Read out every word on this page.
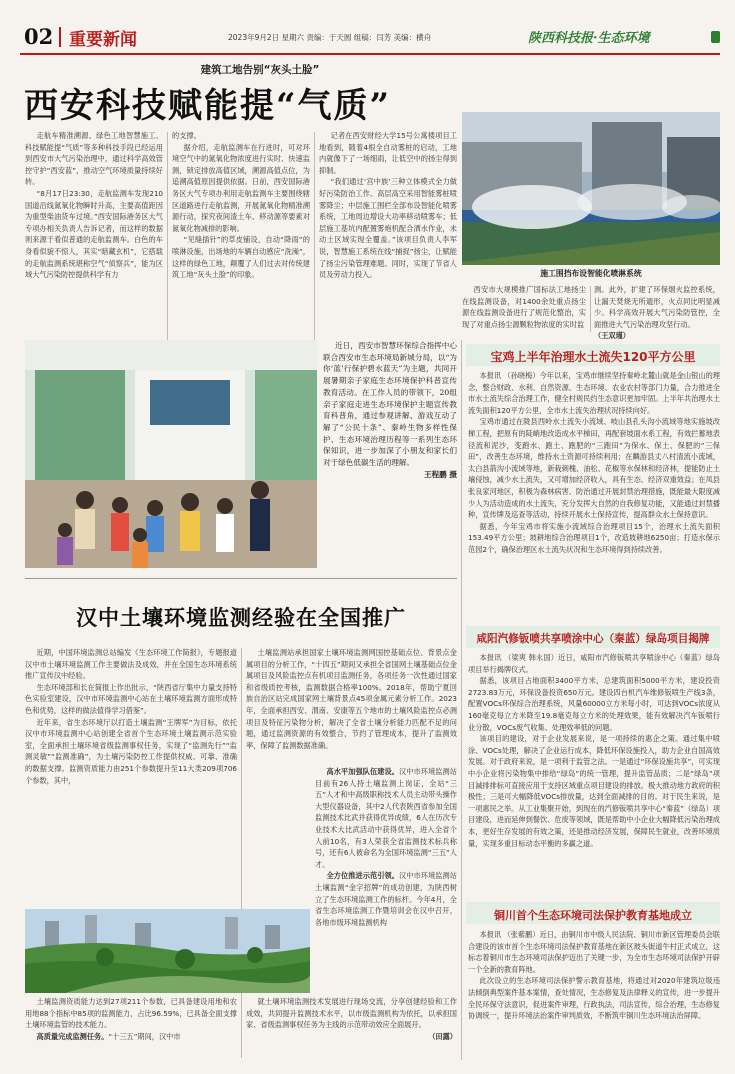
02 重要新闻	2023年9月2日 星期六 责编：于天圆 组稿：闫芳 美编：横舟	陕西科技报·生态环境
建筑工地告别“灰头土脸”
西安科技赋能提“气质”

走航车精准溯源、绿色工地智慧施工、科技赋能提“气质”等多种科技手段已经运用到西安市大气污染治理中，通过科学高效管控守护“西安蓝”，推动空气环境质量持续好转。

“8月17日23:30，走航监测车发现210国道沿线氮氧化物瞬时升高，主要高值距因为重型柴油货车过境。”西安国际港务区大气专项办相关负责人告诉记者，而这样的数据则来源于看似普通的走航监测车。白色的车身看似貌不惊人，其实“暗藏玄机”，它搭载的走航监测系统堪称空气“侦察兵”，能为区域大气污染防控提供科学有力

的支撑。

据介绍，走航监测车在行进时，可对环境空气中的氮氧化物浓度进行实时、快速监测，锁定排放高值区域，溯源高值点位，为追溯高值原因提供依据。日前，西安国际港务区大气专项办利用走航监测车主要围绕辖区道路进行走航监测，开展氮氧化物精准溯源行动，探究夜间渣土车、移动源等要素对氮氧化物减排的影响。

“见缝插针”的草皮铺设，自动“降雨”的喷淋设施，出场地的车辆自动感应“洗澡”，这样的绿色工地，颠覆了人们过去对传统建筑工地“灰头土脸”的印象。

记者在西安财经大学15号公寓楼项目工地看到，随着4根全自动雾桩的启动，工地内就像下了一场细雨，让低空中的扬尘得到抑制。

“我们通过‘宫中族’三种立体模式全力做好污染防治工作。高层高空采用智能雾桩喷雾降尘；中层施工围栏全部布设智能化喷雾系统，工地周边增设大功率移动喷雾车；低层施工基坑内配置雾炮机配合洒水作业，未动土区域实现全覆盖。”该项目负责人李军说，智慧施工系统在线“捕捉”扬尘，让赋能了扬尘污染管理难题。同时，实现了节省人员及劳动力投入。	施工围挡布设智能化喷淋系统

西安市大规模推广国标法工地扬尘在线监测设备，对1400余处重点扬尘源在线监测设备进行了规范化整治，实现了对重点扬尘源颗粒物浓度的实时监

测。此外，扩建了环保烟火监控系统，让漏天焚烧无所遁形，火点同比明显减少。科学高效开展大气污染防管控，全面推进大气污染治理攻坚行动。

（王双瑾）

近日，西安市智慧环保综合指挥中心联合西安市生态环境局新城分局，以“为你‘蓝’行保护碧水蓝天”为主题，共同开展暑期亲子家庭生态环境保护科普宣传教育活动。在工作人员的带领下，20组亲子家庭走进生态环境保护主题宣传教育科普角，通过参观讲解、游戏互动了解了“公民十条”、秦岭生物多样性保护、生态环境治理历程等一系列生态环保知识，进一步加深了小朋友和家长们对于绿色低碳生活的理解。

王程鹏 摄
宝鸡上半年治理水土流失120平方公里

本报讯 （孙晓梅）今年以来，宝鸡市继续坚持秦岭北麓山就是金山银山的理念，整合财政、水利、自然资源、生态环境、农业农村等部门力量，合力推进全市水土流失综合治理工作，健全村规民约生态意识更加牢固。上半年共治理水土流失面积120平方公里，全市水土流失治理状况持续向好。

宝鸡市通过在陇县西岭水土流失小流域、岐山县孔头沟小流域等地实施坡改梯工程，把原有的陡峭地改造成水平梯田，再配套坡面水系工程，有效拦蓄地表径流和泥沙，变跑水、跑土、跑肥的“三跑田”为保水、保土、保肥的“三保田”，改善生态环境，维持水土资源可持续利用；在麟游县丈八村清流小流域，太白县箭沟小流域等地，新栽刺槐、油松、花椒等水保林和经济林，提能防止土壤侵蚀，减少水土流失，又可增加经济收入，具有生态、经济双重效益；在凤县张良家河地区，积极为森林病害、防治通过开展封禁治理措施，既能最大限度减少人为活动造成的水土流失，充分发挥大自然的自我修复功能，又能通过封禁播种，宣传牌及巡查等活动，持续开展水土保持宣传，提高群众水土保持意识。

据悉，今年宝鸡市将实施小流域综合治理项目15个，治理水土流失面积153.49平方公里；坡耕地综合治理项目1个，改造坡耕地6250亩；打造水保示范园2个，确保治理区水土流失状况和生态环境得到持续改善。

咸阳汽修钣喷共享喷涂中心（秦蓝）绿岛项目揭牌

本报讯 （梁爽 韩永国）近日，咸阳市汽修钣喷共享喷涂中心（秦蓝）绿岛项目举行揭牌仪式。

据悉，该项目占地面积3400平方米，总建筑面积5000平方米，建设投资2723.83万元，环保设备投资650万元。建设四台机汽车维修钣喷生产线3条，配置VOCs环保综合治理系统，风量60000立方米每小时，可达到VOCs浓度从160毫克每立方米降至19.8毫克每立方米的处理效果，能有效解决汽车钣喷行业分散，VOCs废气收集、处理效率低的问题。

该项目的建设，对于企业发展来说，是一项持续的惠企之策。通过集中喷涂、VOCs处理，解决了企业运行成本，降低环保设施投入，助力企业自国高效发展。对于政府来说，是一项利于监管之法。一是通过“环保设施共享”，可实现中小企业将污染物集中排给“绿岛”的统一管理，提升监管品质；二是“绿岛”项目減排排标可直接应用于支持区域重点项目建设的排放。极大推动地方政府的积极性；三是可大幅降低VOCs排放量，达到全面减排的目的。对于民生来说，是一项惠民之举。从工业集聚开始，到现在的汽修钣喷共享中心“秦蓝”（绿岛）项目建设，进而延伸到餐饮、危废等领域，既是帮助中小企业大幅降低污染治理成本，更好生存发展的有效之策，还是推动经济发展，保障民生就业，改善环境质量，实现多重目标动态平衡的多赢之道。

铜川首个生态环境司法保护教育基地成立

本报讯 （张紫鹏）近日，由铜川市中级人民法院、铜川市新区管理委员会联合建设的该市首个生态环境司法保护教育基地在新区玻头街道牛村正式成立，这标志着铜川市生态环境司法保护迈出了关键一步，为全市生态环境司法保护开辟一个全新的教育阵地。

此次设立的生态环境司法保护警示教育基地，将通过对2020年建筑垃圾违法倾倒典型案件基本案情，查处情况，生态修复及法律释义的宣传，进一步提升全民环保守法意识，促进案件审理，行政执法，司法宣传，综合治理，生态修复协调统一，提升环境法治案件审判质效，不断筑牢铜川生态环境法治屏障。

汉中土壤环境监测经验在全国推广

近期，中国环境监测总站编发《生态环境工作简报》，专题报道汉中市土壤环境监测工作主要做法及成效，并在全国生态环境系统推广宣传汉中经验。

生态环境部和长在简报上作出批示，“陕西省厅集中力量支持特色实验室建设，汉中市环境监测中心站在土壤环境监测方面形成特色和优势，这样的做法值得学习借鉴”。

近年来，省生态环境厅以打造土壤监测“王牌军”为目标，依托汉中市环境监测中心站创建全省首个生态环境土壤监测示范实验室，全面承担土壤环境省级监测事权任务，实现了“监测先行”“监测灵敏”“监测准确”，为土壤污染防控工作提供权威、可靠、准确的数据支撑。监测资质能力由251个参数提升至11大类209项706个参数，其中，

土壤监测站承担国家土壤环境监测网国控基础点位、背景点金属项目的分析工作，“十四五”期间又承担全省国网土壤基础点位金属项目及风险监控点有机项目监测任务，各项任务一次性通过国家和省级质控考核，监测数据合格率100%。2018年，帮助宁夏回族自治区站完成国家网土壤背景点45项金属元素分析工作。2023年，全面承担西安、渭南、安康等五个地市的土壤风险监控点必测项目及特征污染物分析，解决了全省土壤分析能力匹配不足的问题，通过监测资源的有效整合，节约了管理成本，提升了监测效率，保障了监测数据准确。

高水平加强队伍建设。汉中市环境监测站目前有26人持土壤监测上岗证，全站“三五”人才和中高级职称技术人员主动带头操作大型仪器设备，其中2人代表陕西省参加全国监测技术比武并获得优异成绩，6人在历次专业技术大比武活动中获得优异，进入全省个人前10名，有3人荣获全省监测技术标兵称号，还有6人被命名为全国环境监测“三五”人才。

全方位推进示范引领。汉中市环境监测站土壤监测“金字招牌”的成功创建，为陕西树立了生态环境监测工作的标杆。今年4月，全省生态环境监测工作暨培训会在汉中召开，各地市级环境监测机构

土壤监测资质能力达到27项211个参数，已具备建设用地和农用地88个指标中85项的监测能力，占比96.59%，已具备全面支撑土壤环境监管的技术能力。

高质量完成监测任务。“十三五”期间，汉中市

就土壤环境监测技术发展进行现场交流，分享创建经验和工作成效，共同提升监测技术水平，以市级监测机构为依托，以承担国家、省级监测事权任务为主线的示范带动效应全面展开。

（田露）
